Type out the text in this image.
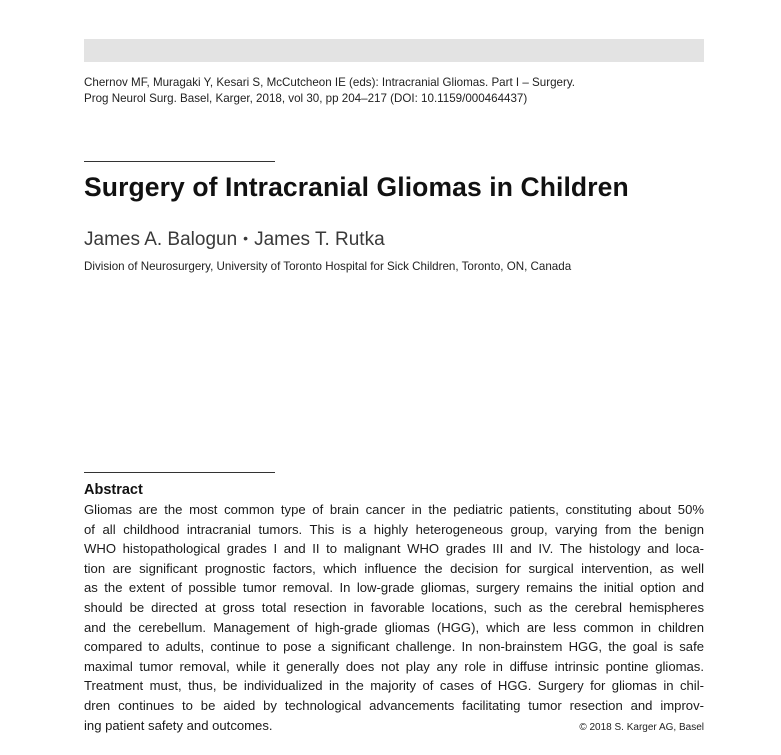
Chernov MF, Muragaki Y, Kesari S, McCutcheon IE (eds): Intracranial Gliomas. Part I – Surgery.
Prog Neurol Surg. Basel, Karger, 2018, vol 30, pp 204–217 (DOI: 10.1159/000464437)
Surgery of Intracranial Gliomas in Children
James A. Balogun • James T. Rutka
Division of Neurosurgery, University of Toronto Hospital for Sick Children, Toronto, ON, Canada
Abstract
Gliomas are the most common type of brain cancer in the pediatric patients, constituting about 50%
of all childhood intracranial tumors. This is a highly heterogeneous group, varying from the benign
WHO histopathological grades I and II to malignant WHO grades III and IV. The histology and loca-
tion are significant prognostic factors, which influence the decision for surgical intervention, as well
as the extent of possible tumor removal. In low-grade gliomas, surgery remains the initial option and
should be directed at gross total resection in favorable locations, such as the cerebral hemispheres
and the cerebellum. Management of high-grade gliomas (HGG), which are less common in children
compared to adults, continue to pose a significant challenge. In non-brainstem HGG, the goal is safe
maximal tumor removal, while it generally does not play any role in diffuse intrinsic pontine gliomas.
Treatment must, thus, be individualized in the majority of cases of HGG. Surgery for gliomas in chil-
dren continues to be aided by technological advancements facilitating tumor resection and improv-
ing patient safety and outcomes.	© 2018 S. Karger AG, Basel
